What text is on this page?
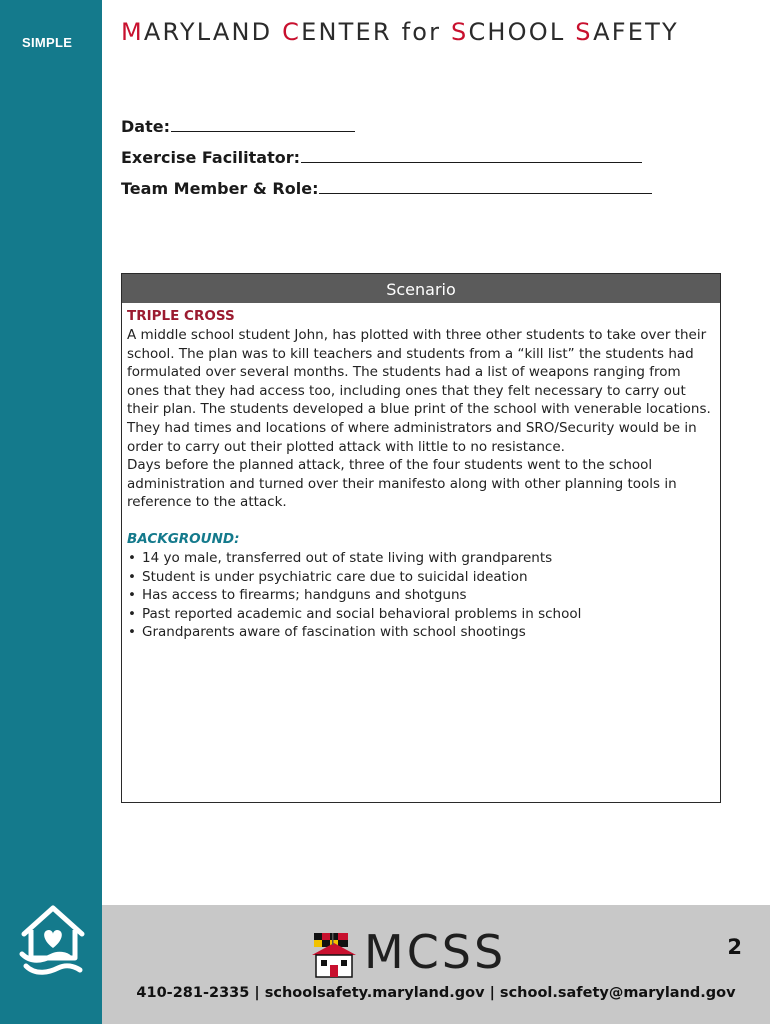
SIMPLE MARYLAND CENTER for SCHOOL SAFETY
Date:
Exercise Facilitator:
Team Member & Role:
Scenario
TRIPLE CROSS

A middle school student John, has plotted with three other students to take over their school. The plan was to kill teachers and students from a “kill list” the students had formulated over several months. The students had a list of weapons ranging from ones that they had access too, including ones that they felt necessary to carry out their plan. The students developed a blue print of the school with venerable locations. They had times and locations of where administrators and SRO/Security would be in order to carry out their plotted attack with little to no resistance.

Days before the planned attack, three of the four students went to the school administration and turned over their manifesto along with other planning tools in reference to the attack.

BACKGROUND:
• 14 yo male, transferred out of state living with grandparents
• Student is under psychiatric care due to suicidal ideation
• Has access to firearms; handguns and shotguns
• Past reported academic and social behavioral problems in school
• Grandparents aware of fascination with school shootings
MCSS	2
410-281-2335 | schoolsafety.maryland.gov | school.safety@maryland.gov
